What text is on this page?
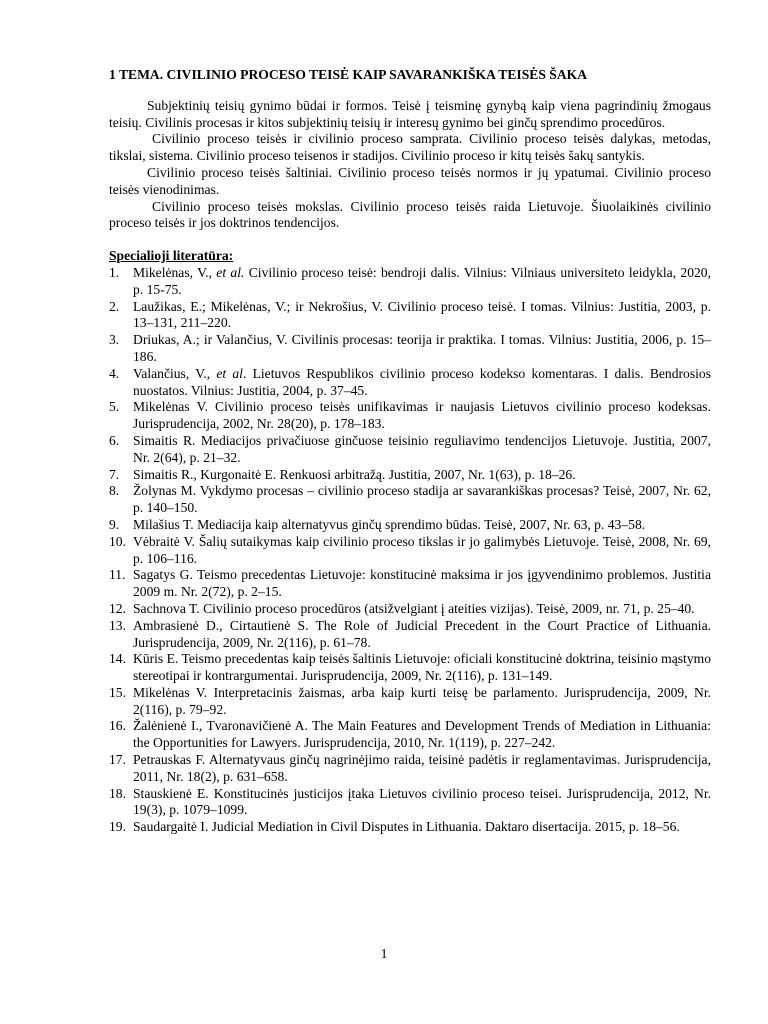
1 TEMA. CIVILINIO PROCESO TEISĖ KAIP SAVARANKIŠKA TEISĖS ŠAKA

Subjektinių teisių gynimo būdai ir formos. Teisė į teisminę gynybą kaip viena pagrindinių žmogaus teisių. Civilinis procesas ir kitos subjektinių teisių ir interesų gynimo bei ginčų sprendimo procedūros.

Civilinio proceso teisės ir civilinio proceso samprata. Civilinio proceso teisės dalykas, metodas, tikslai, sistema. Civilinio proceso teisenos ir stadijos. Civilinio proceso ir kitų teisės šakų santykis.

Civilinio proceso teisės šaltiniai. Civilinio proceso teisės normos ir jų ypatumai. Civilinio proceso teisės vienodinimas.

Civilinio proceso teisės mokslas. Civilinio proceso teisės raida Lietuvoje. Šiuolaikinės civilinio proceso teisės ir jos doktrinos tendencijos.

Specialioji literatūra:
1. Mikelėnas, V., et al. Civilinio proceso teisė: bendroji dalis. Vilnius: Vilniaus universiteto leidykla, 2020, p. 15-75.
2. Laužikas, E.; Mikelėnas, V.; ir Nekrošius, V. Civilinio proceso teisė. I tomas. Vilnius: Justitia, 2003, p. 13–131, 211–220.
3. Driukas, A.; ir Valančius, V. Civilinis procesas: teorija ir praktika. I tomas. Vilnius: Justitia, 2006, p. 15–186.
4. Valančius, V., et al. Lietuvos Respublikos civilinio proceso kodekso komentaras. I dalis. Bendrosios nuostatos. Vilnius: Justitia, 2004, p. 37–45.
5. Mikelėnas V. Civilinio proceso teisės unifikavimas ir naujasis Lietuvos civilinio proceso kodeksas. Jurisprudencija, 2002, Nr. 28(20), p. 178–183.
6. Simaitis R. Mediacijos privačiuose ginčuose teisinio reguliavimo tendencijos Lietuvoje. Justitia, 2007, Nr. 2(64), p. 21–32.
7. Simaitis R., Kurgonaitė E. Renkuosi arbitražą. Justitia, 2007, Nr. 1(63), p. 18–26.
8. Žolynas M. Vykdymo procesas – civilinio proceso stadija ar savarankiškas procesas? Teisė, 2007, Nr. 62, p. 140–150.
9. Milašius T. Mediacija kaip alternatyvus ginčų sprendimo būdas. Teisė, 2007, Nr. 63, p. 43–58.
10. Vėbraitė V. Šalių sutaikymas kaip civilinio proceso tikslas ir jo galimybės Lietuvoje. Teisė, 2008, Nr. 69, p. 106–116.
11. Sagatys G. Teismo precedentas Lietuvoje: konstitucinė maksima ir jos įgyvendinimo problemos. Justitia 2009 m. Nr. 2(72), p. 2–15.
12. Sachnova T. Civilinio proceso procedūros (atsižvelgiant į ateities vizijas). Teisė, 2009, nr. 71, p. 25–40.
13. Ambrasienė D., Cirtautienė S. The Role of Judicial Precedent in the Court Practice of Lithuania. Jurisprudencija, 2009, Nr. 2(116), p. 61–78.
14. Kūris E. Teismo precedentas kaip teisės šaltinis Lietuvoje: oficiali konstitucinė doktrina, teisinio mąstymo stereotipai ir kontrargumentai. Jurisprudencija, 2009, Nr. 2(116), p. 131–149.
15. Mikelėnas V. Interpretacinis žaismas, arba kaip kurti teisę be parlamento. Jurisprudencija, 2009, Nr. 2(116), p. 79–92.
16. Žalėnienė I., Tvaronavičienė A. The Main Features and Development Trends of Mediation in Lithuania: the Opportunities for Lawyers. Jurisprudencija, 2010, Nr. 1(119), p. 227–242.
17. Petrauskas F. Alternatyvaus ginčų nagrinėjimo raida, teisinė padėtis ir reglamentavimas. Jurisprudencija, 2011, Nr. 18(2), p. 631–658.
18. Stauskienė E. Konstitucinės justicijos įtaka Lietuvos civilinio proceso teisei. Jurisprudencija, 2012, Nr. 19(3), p. 1079–1099.
19. Saudargaitė I. Judicial Mediation in Civil Disputes in Lithuania. Daktaro disertacija. 2015, p. 18–56.
1
